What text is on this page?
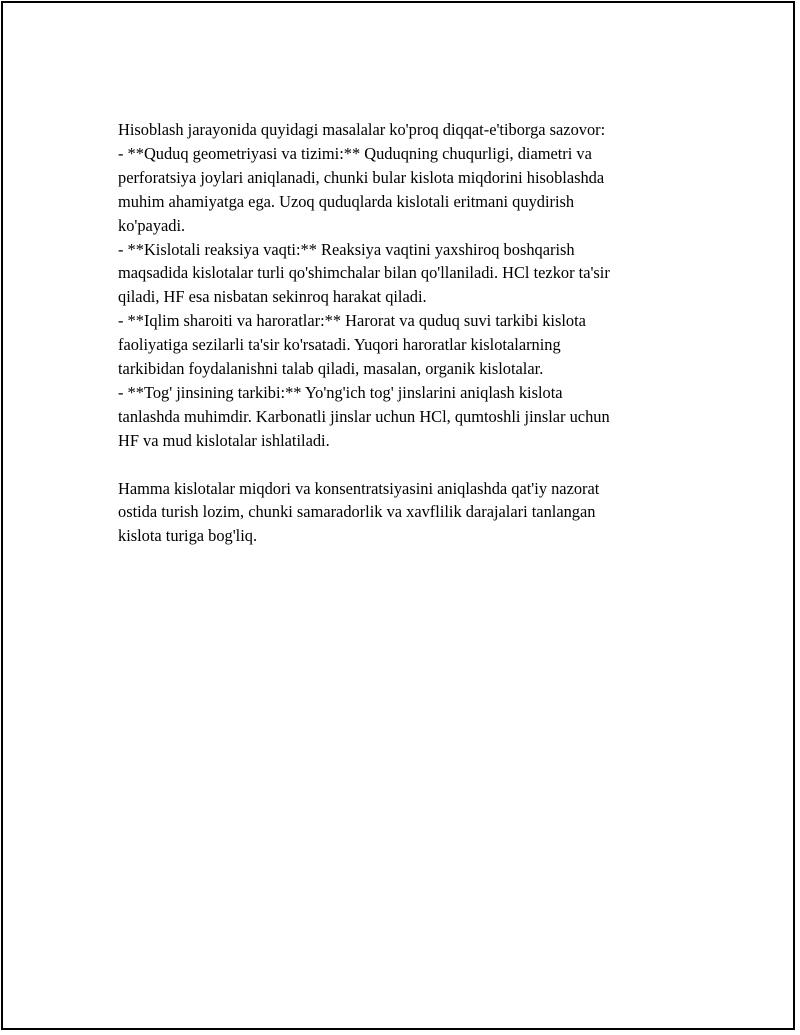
Hisoblash jarayonida quyidagi masalalar ko'proq diqqat-e'tiborga sazovor:
- **Quduq geometriyasi va tizimi:** Quduqning chuqurligi, diametri va
perforatsiya joylari aniqlanadi, chunki bular kislota miqdorini hisoblashda
muhim ahamiyatga ega. Uzoq quduqlarda kislotali eritmani quydirish
ko'payadi.
- **Kislotali reaksiya vaqti:** Reaksiya vaqtini yaxshiroq boshqarish
maqsadida kislotalar turli qo'shimchalar bilan qo'llaniladi. HCl tezkor ta'sir
qiladi, HF esa nisbatan sekinroq harakat qiladi.
- **Iqlim sharoiti va haroratlar:** Harorat va quduq suvi tarkibi kislota
faoliyatiga sezilarli ta'sir ko'rsatadi. Yuqori haroratlar kislotalarning
tarkibidan foydalanishni talab qiladi, masalan, organik kislotalar.
- **Tog' jinsining tarkibi:** Yo'ng'ich tog' jinslarini aniqlash kislota
tanlashda muhimdir. Karbonatli jinslar uchun HCl, qumtoshli jinslar uchun
HF va mud kislotalar ishlatiladi.
Hamma kislotalar miqdori va konsentratsiyasini aniqlashda qat'iy nazorat
ostida turish lozim, chunki samaradorlik va xavflilik darajalari tanlangan
kislota turiga bog'liq.
